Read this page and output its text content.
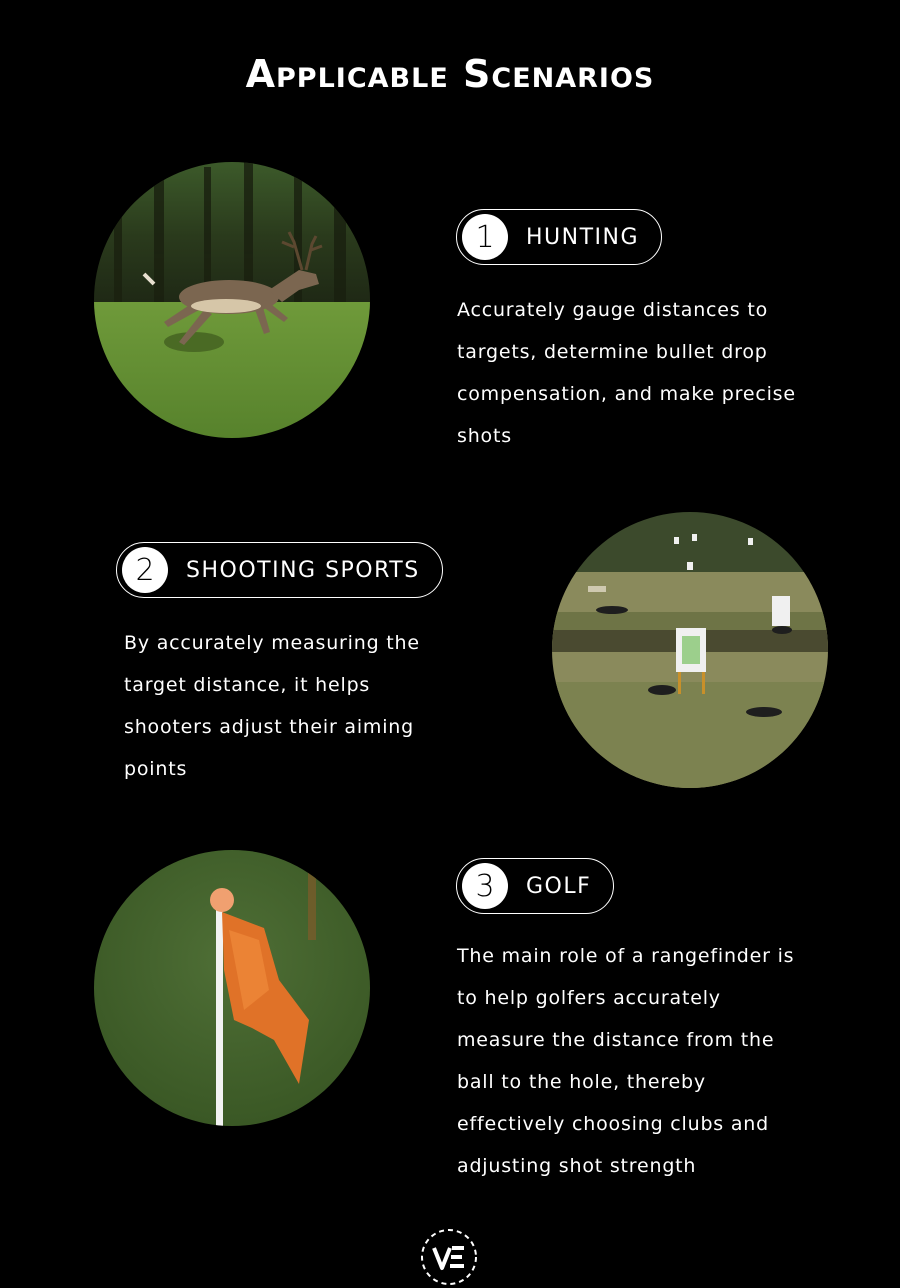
Applicable Scenarios
1	HUNTING
Accurately gauge distances to targets, determine bullet drop compensation, and make precise shots
2	SHOOTING SPORTS
By accurately measuring the target distance, it helps shooters adjust their aiming points
3	GOLF
The main role of a rangefinder is to help golfers accurately measure the distance from the ball to the hole, thereby effectively choosing clubs and adjusting shot strength
